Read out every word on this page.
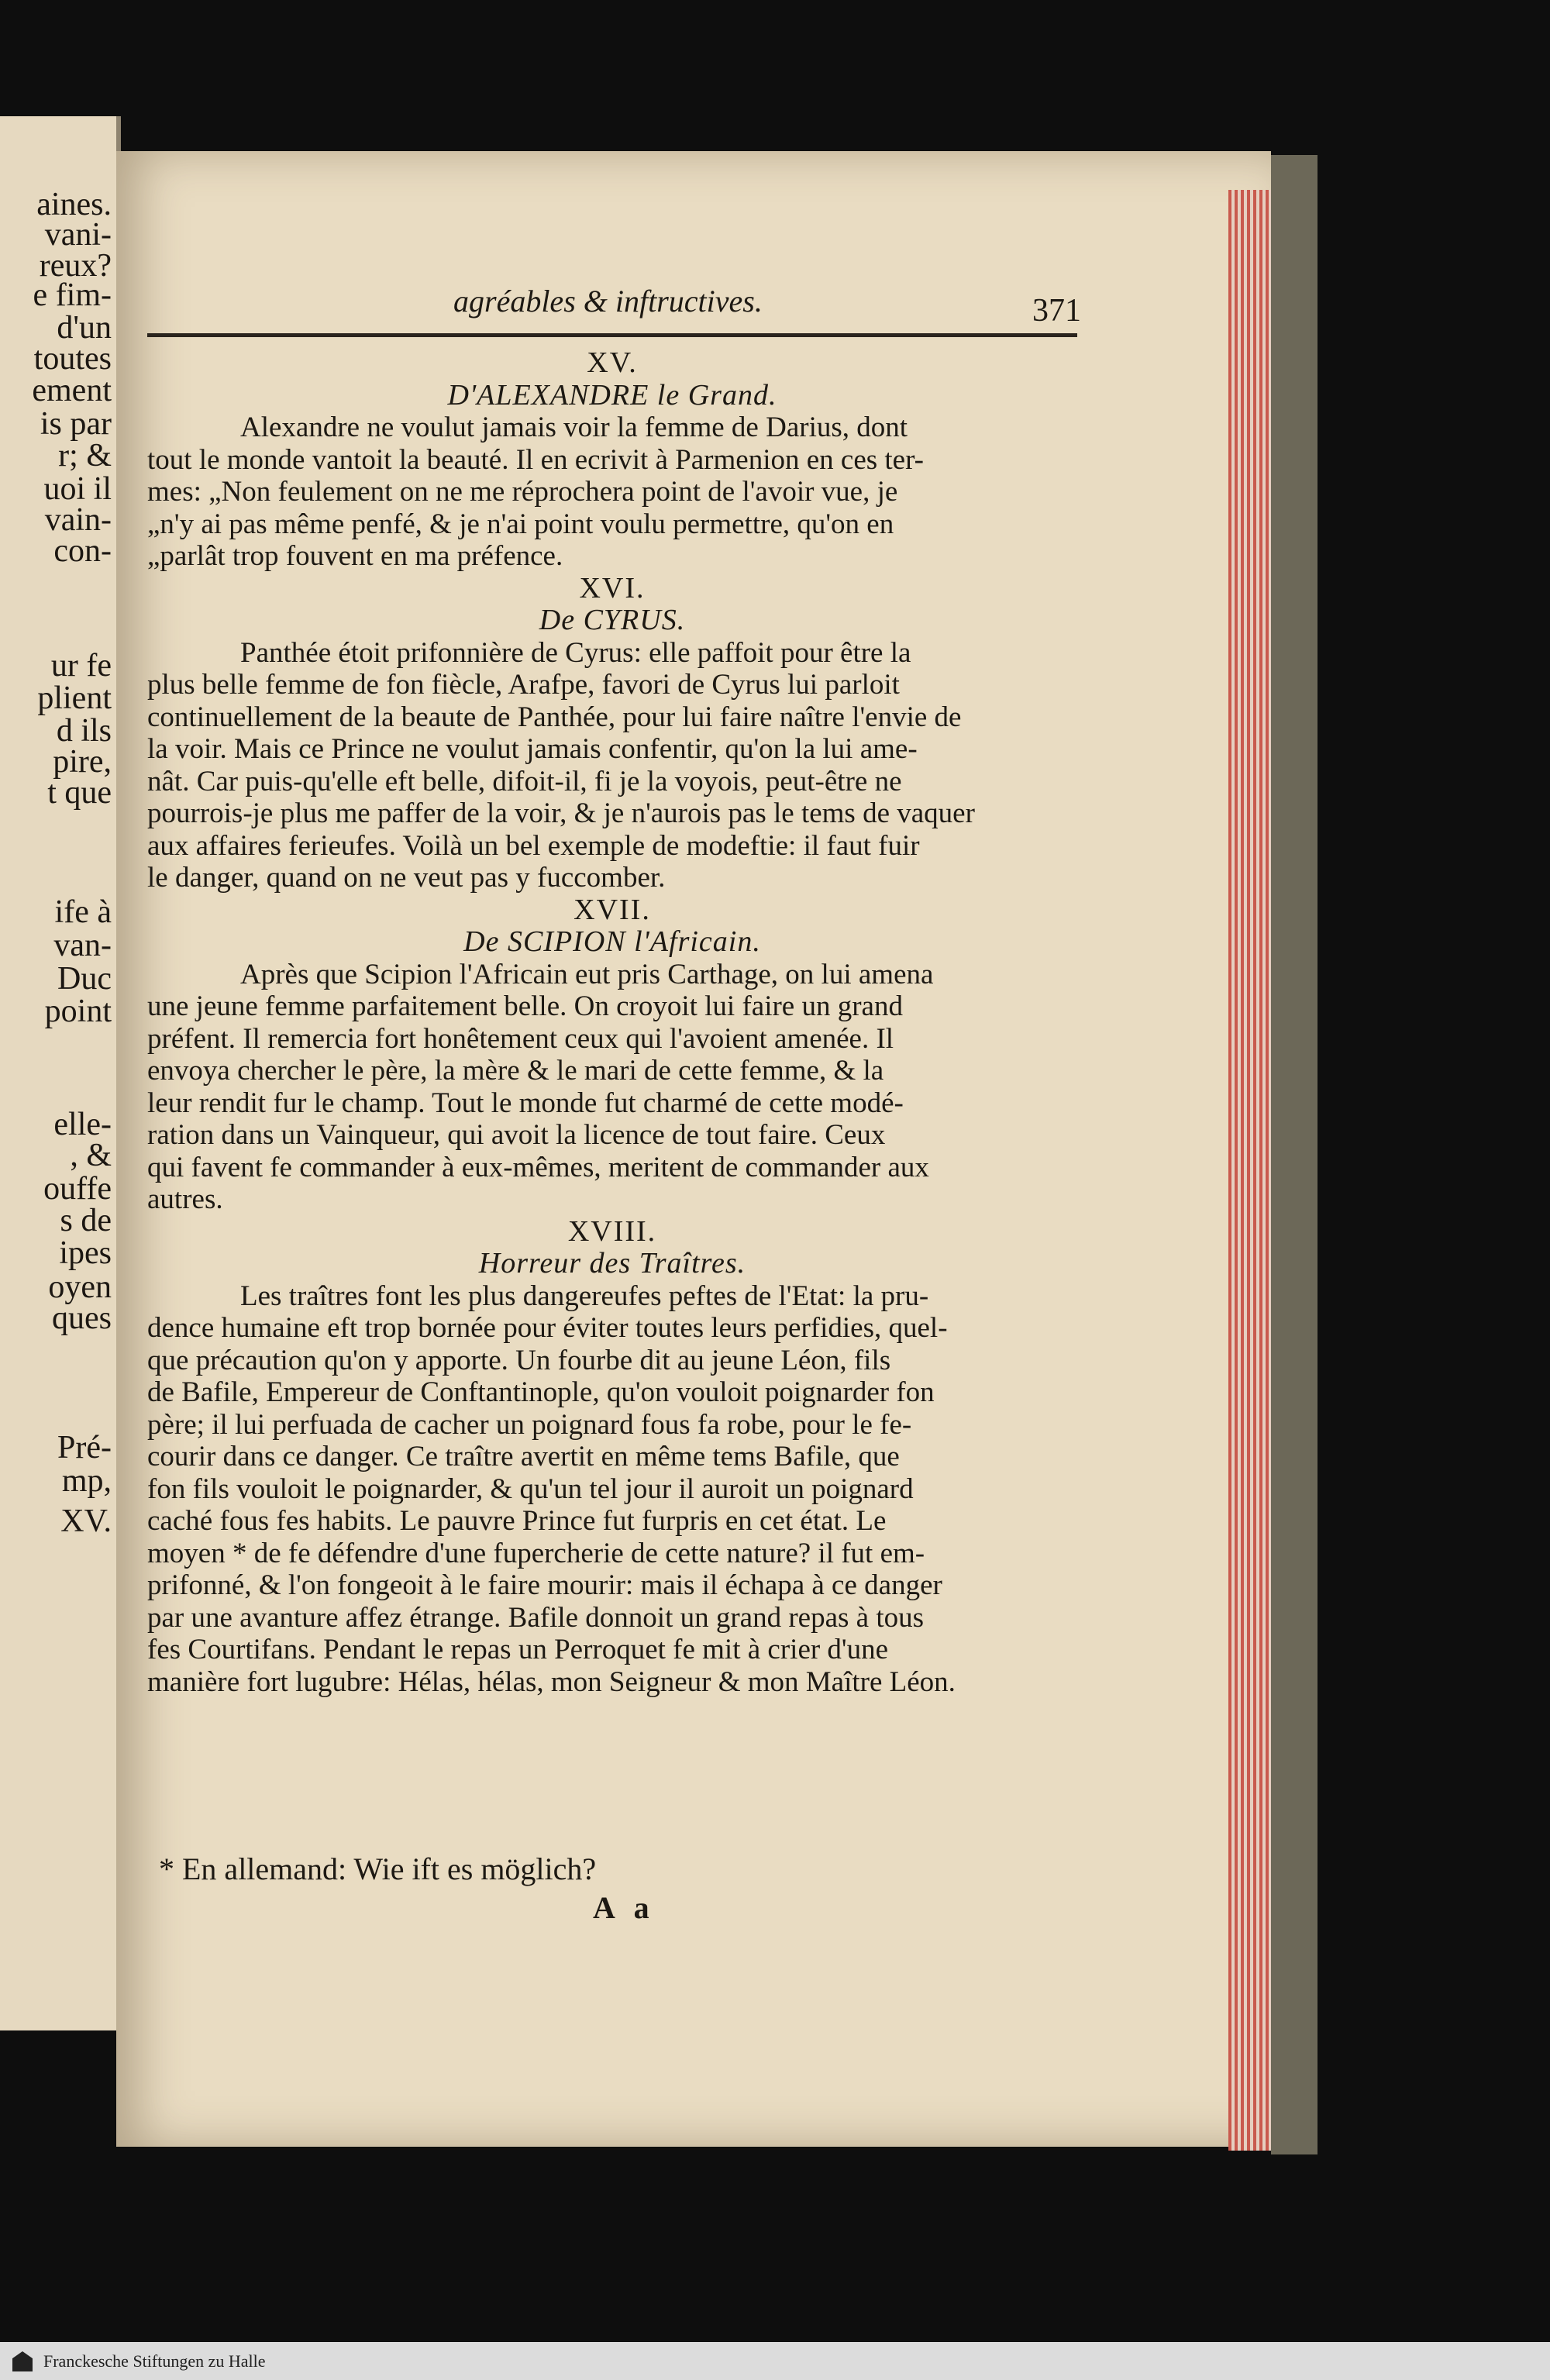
aines.
vani-
reux?
e fim-
d'un
toutes
ement
is par
r; &
uoi il
vain-
con-
ur fe
plient
d ils
pire,
t que
ife à
van-
Duc
point
elle-
, &
ouffe
s de
ipes
oyen
ques
Pré-
mp,
XV.
agréables & inftructives.	371
XV.
D'ALEXANDRE le Grand.

Alexandre ne voulut jamais voir la femme de Darius, dont

tout le monde vantoit la beauté. Il en ecrivit à Parmenion en ces ter-

mes: „Non feulement on ne me réprochera point de l'avoir vue, je

„n'y ai pas même penfé, & je n'ai point voulu permettre, qu'on en

„parlât trop fouvent en ma préfence.

XVI.
De CYRUS.

Panthée étoit prifonnière de Cyrus: elle paffoit pour être la

plus belle femme de fon fiècle, Arafpe, favori de Cyrus lui parloit

continuellement de la beaute de Panthée, pour lui faire naître l'envie de

la voir. Mais ce Prince ne voulut jamais confentir, qu'on la lui ame-

nât. Car puis-qu'elle eft belle, difoit-il, fi je la voyois, peut-être ne

pourrois-je plus me paffer de la voir, & je n'aurois pas le tems de vaquer

aux affaires ferieufes. Voilà un bel exemple de modeftie: il faut fuir

le danger, quand on ne veut pas y fuccomber.

XVII.
De SCIPION l'Africain.

Après que Scipion l'Africain eut pris Carthage, on lui amena

une jeune femme parfaitement belle. On croyoit lui faire un grand

préfent. Il remercia fort honêtement ceux qui l'avoient amenée. Il

envoya chercher le père, la mère & le mari de cette femme, & la

leur rendit fur le champ. Tout le monde fut charmé de cette modé-

ration dans un Vainqueur, qui avoit la licence de tout faire. Ceux

qui favent fe commander à eux-mêmes, meritent de commander aux

autres.

XVIII.
Horreur des Traîtres.

Les traîtres font les plus dangereufes peftes de l'Etat: la pru-

dence humaine eft trop bornée pour éviter toutes leurs perfidies, quel-

que précaution qu'on y apporte. Un fourbe dit au jeune Léon, fils

de Bafile, Empereur de Conftantinople, qu'on vouloit poignarder fon

père; il lui perfuada de cacher un poignard fous fa robe, pour le fe-

courir dans ce danger. Ce traître avertit en même tems Bafile, que

fon fils vouloit le poignarder, & qu'un tel jour il auroit un poignard

caché fous fes habits. Le pauvre Prince fut furpris en cet état. Le

moyen * de fe défendre d'une fupercherie de cette nature? il fut em-

prifonné, & l'on fongeoit à le faire mourir: mais il échapa à ce danger

par une avanture affez étrange. Bafile donnoit un grand repas à tous

fes Courtifans. Pendant le repas un Perroquet fe mit à crier d'une

manière fort lugubre: Hélas, hélas, mon Seigneur & mon Maître Léon.

* En allemand: Wie ift es möglich?
A a
Franckesche Stiftungen zu Halle
